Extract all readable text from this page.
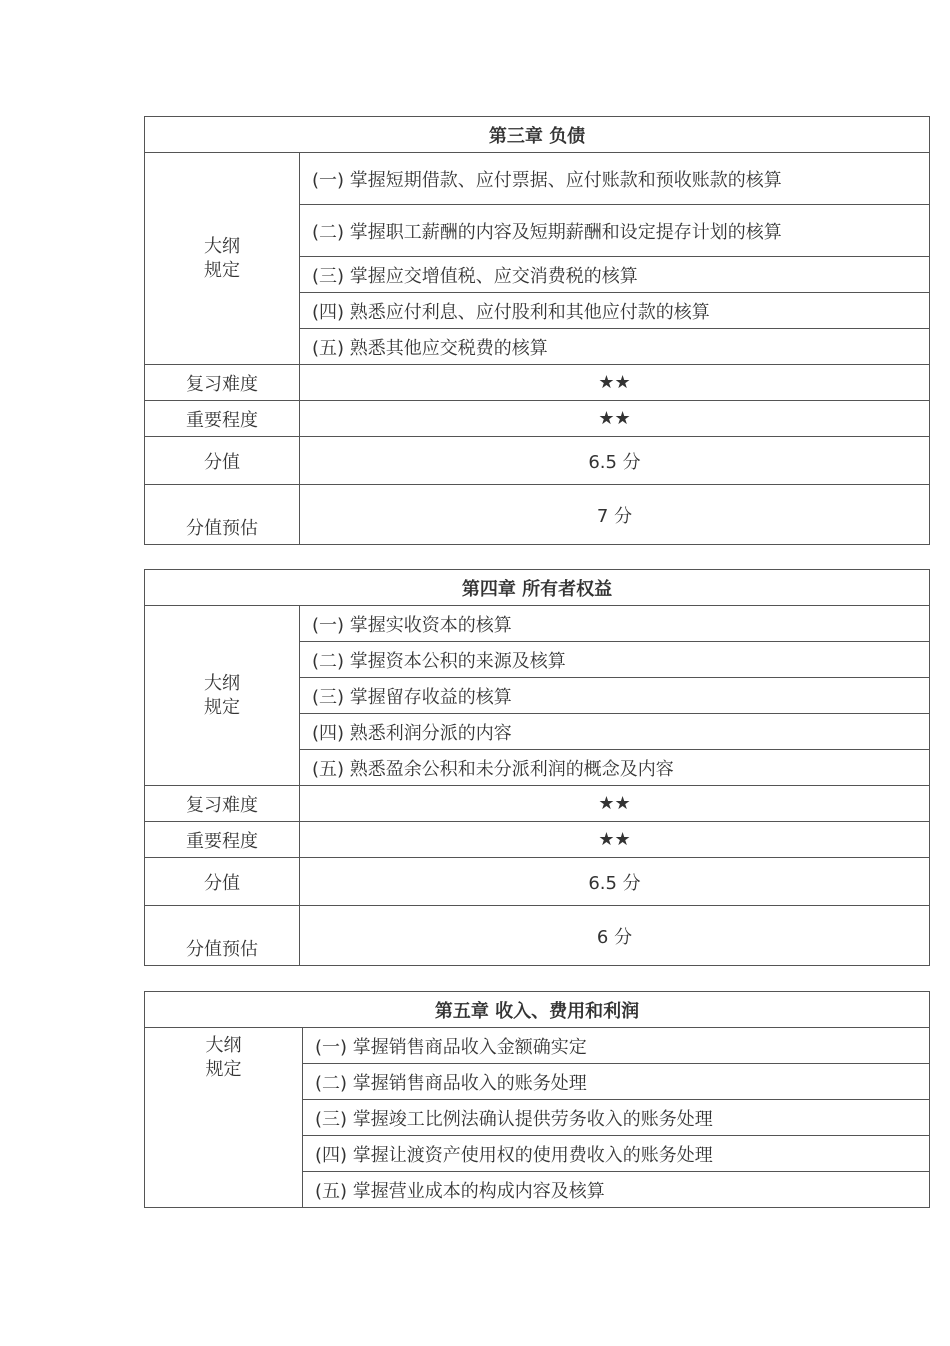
第三章 负债	

大纲
规定	(一) 掌握短期借款、应付票据、应付账款和预收账款的核算
	(二) 掌握职工薪酬的内容及短期薪酬和设定提存计划的核算
	(三) 掌握应交增值税、应交消费税的核算
	(四) 熟悉应付利息、应付股利和其他应付款的核算
	(五) 熟悉其他应交税费的核算
复习难度	★★
重要程度	★★
分值	6.5 分
分值预估	7 分
第四章 所有者权益	

大纲
规定	(一) 掌握实收资本的核算
	(二) 掌握资本公积的来源及核算
	(三) 掌握留存收益的核算
	(四) 熟悉利润分派的内容
	(五) 熟悉盈余公积和未分派利润的概念及内容
复习难度	★★
重要程度	★★
分值	6.5 分
分值预估	6 分
第五章 收入、费用和利润

大纲
规定
	(一) 掌握销售商品收入金额确实定
(二) 掌握销售商品收入的账务处理
(三) 掌握竣工比例法确认提供劳务收入的账务处理
(四) 掌握让渡资产使用权的使用费收入的账务处理
(五) 掌握营业成本的构成内容及核算
